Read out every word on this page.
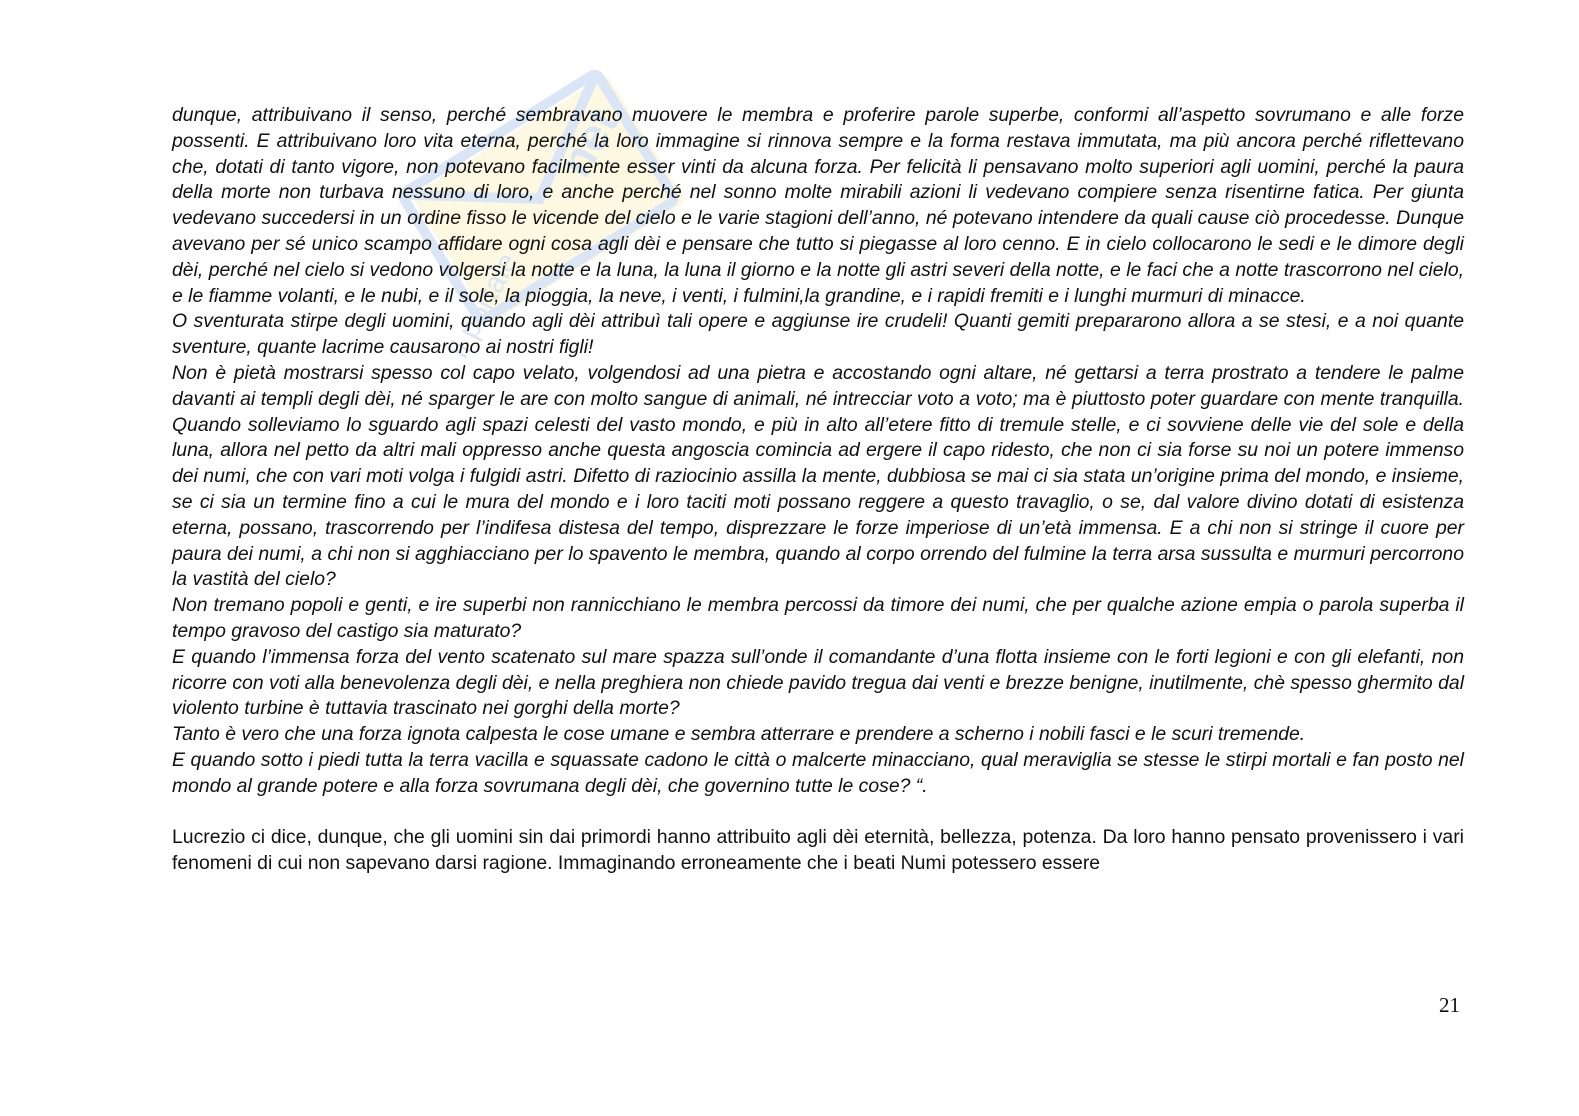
net
il portale

dunque, attribuivano il senso, perché sembravano muovere le membra e proferire parole superbe, conformi all’aspetto sovrumano e alle forze possenti. E attribuivano loro vita eterna, perché la loro immagine si rinnova sempre e la forma restava immutata, ma più ancora perché riflettevano che, dotati di tanto vigore, non potevano facilmente esser vinti da alcuna forza. Per felicità li pensavano molto superiori agli uomini, perché la paura della morte non turbava nessuno di loro, e anche perché nel sonno molte mirabili azioni li vedevano compiere senza risentirne fatica. Per giunta vedevano succedersi in un ordine fisso le vicende del cielo e le varie stagioni dell’anno, né potevano intendere da quali cause ciò procedesse. Dunque avevano per sé unico scampo affidare ogni cosa agli dèi e pensare che tutto si piegasse al loro cenno. E in cielo collocarono le sedi e le dimore degli dèi, perché nel cielo si vedono volgersi la notte e la luna, la luna il giorno e la notte gli astri severi della notte, e le faci che a notte trascorrono nel cielo, e le fiamme volanti, e le nubi, e il sole, la pioggia, la neve, i venti, i fulmini,la grandine, e i rapidi fremiti e i lunghi murmuri di minacce.

O sventurata stirpe degli uomini, quando agli dèi attribuì tali opere e aggiunse ire crudeli! Quanti gemiti prepararono allora a se stesi, e a noi quante sventure, quante lacrime causarono ai nostri figli!

Non è pietà mostrarsi spesso col capo velato, volgendosi ad una pietra e accostando ogni altare, né gettarsi a terra prostrato a tendere le palme davanti ai templi degli dèi, né sparger le are con molto sangue di animali, né intrecciar voto a voto; ma è piuttosto poter guardare con mente tranquilla. Quando solleviamo lo sguardo agli spazi celesti del vasto mondo, e più in alto all’etere fitto di tremule stelle, e ci sovviene delle vie del sole e della luna, allora nel petto da altri mali oppresso anche questa angoscia comincia ad ergere il capo ridesto, che non ci sia forse su noi un potere immenso dei numi, che con vari moti volga i fulgidi astri. Difetto di raziocinio assilla la mente, dubbiosa se mai ci sia stata un’origine prima del mondo, e insieme, se ci sia un termine fino a cui le mura del mondo e i loro taciti moti possano reggere a questo travaglio, o se, dal valore divino dotati di esistenza eterna, possano, trascorrendo per l’indifesa distesa del tempo, disprezzare le forze imperiose di un’età immensa. E a chi non si stringe il cuore per paura dei numi, a chi non si agghiacciano per lo spavento le membra, quando al corpo orrendo del fulmine la terra arsa sussulta e murmuri percorrono la vastità del cielo?

Non tremano popoli e genti, e ire superbi non rannicchiano le membra percossi da timore dei numi, che per qualche azione empia o parola superba il tempo gravoso del castigo sia maturato?

E quando l’immensa forza del vento scatenato sul mare spazza sull’onde il comandante d’una flotta insieme con le forti legioni e con gli elefanti, non ricorre con voti alla benevolenza degli dèi, e nella preghiera non chiede pavido tregua dai venti e brezze benigne, inutilmente, chè spesso ghermito dal violento turbine è tuttavia trascinato nei gorghi della morte?

Tanto è vero che una forza ignota calpesta le cose umane e sembra atterrare e prendere a scherno i nobili fasci e le scuri tremende.

E quando sotto i piedi tutta la terra vacilla e squassate cadono le città o malcerte minacciano, qual meraviglia se stesse le stirpi mortali e fan posto nel mondo al grande potere e alla forza sovrumana degli dèi, che governino tutte le cose? “.

Lucrezio ci dice, dunque, che gli uomini sin dai primordi hanno attribuito agli dèi eternità, bellezza, potenza. Da loro hanno pensato provenissero i vari fenomeni di cui non sapevano darsi ragione. Immaginando erroneamente che i beati Numi potessero essere

21
